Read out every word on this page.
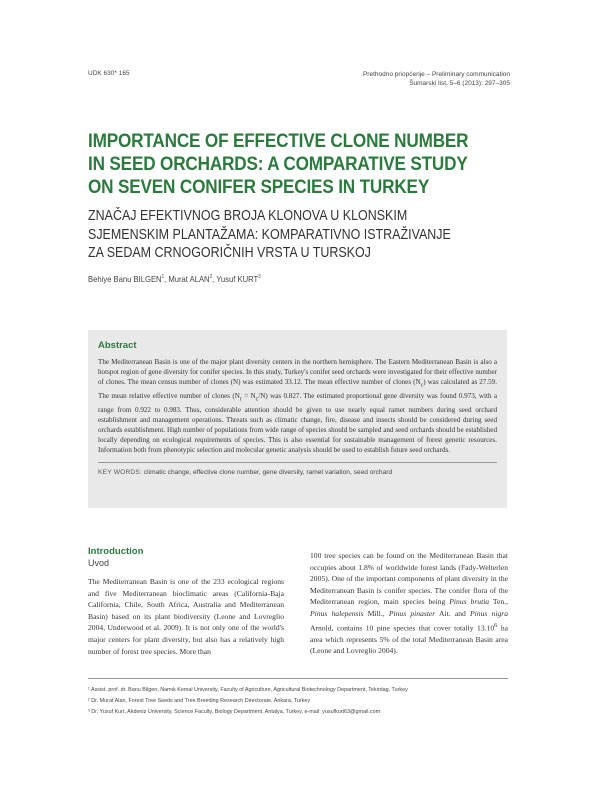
UDK 630* 165	Prethodno priopćenje – Preliminary communication
Šumarski list, 5–6 (2013): 297–305
IMPORTANCE OF EFFECTIVE CLONE NUMBER
IN SEED ORCHARDS: A COMPARATIVE STUDY
ON SEVEN CONIFER SPECIES IN TURKEY
ZNAČAJ EFEKTIVNOG BROJA KLONOVA U KLONSKIM
SJEMENSKIM PLANTAŽAMA: KOMPARATIVNO ISTRAŽIVANJE
ZA SEDAM CRNOGORIČNIH VRSTA U TURSKOJ
Behiye Banu BILGEN$^1$, Murat ALAN$^2$, Yusuf KURT$^3$
Abstract
The Mediterranean Basin is one of the major plant diversity centers in the northern hemisphere. The Eastern Mediterranean Basin is also a hotspot region of gene diversity for conifer species. In this study, Turkey's conifer seed orchards were investigated for their effective number of clones. The mean census number of clones (N) was estimated 33.12. The mean effective number of clones $(N_c)$ was calculated as 27.59. The mean relative effective number of clones $(N_r = N_c/N)$ was 0.827. The estimated proportional gene diversity was found 0.973, with a range from 0.922 to 0.983. Thus, considerable attention should be given to use nearly equal ramet numbers during seed orchard establishment and management operations. Threats such as climatic change, fire, disease and insects should be considered during seed orchards establishment. High number of populations from wide range of species should be sampled and seed orchards should be established locally depending on ecological requirements of species. This is also essential for sustainable management of forest genetic resources. Information both from phenotypic selection and molecular genetic analysis should be used to establish future seed orchards.
KEY WORDS: climatic change, effective clone number, gene diversity, ramet variation, seed orchard
Introduction
Uvod
The Mediterranean Basin is one of the 233 ecological regions and five Mediterranean bioclimatic areas (California-Baja California, Chile, South Africa, Australia and Mediterranean Basin) based on its plant biodiversity (Leone and Lovreglio 2004, Underwood et al. 2009). It is not only one of the world's major centers for plant diversity, but also has a relatively high number of forest tree species. More than
100 tree species can be found on the Mediterranean Basin that occupies about 1.8% of worldwide forest lands (Fady-Welterlen 2005). One of the important components of plant diversity in the Mediterranean Basin is conifer species. The conifer flora of the Mediterranean region, main species being Pinus brutia Ten., Pinus halepensis Mill., Pinus pinaster Ait. and Pinus nigra Arnold, contains 10 pine species that cover totally 13.10$^6$ ha area which represents 5% of the total Mediterranean Basin area (Leone and Lovreglio 2004).
¹ Assist. prof. dr. Banu Bilgen, Namık Kemal University, Faculty of Agriculture, Agricultural Biotechnology Department, Tekirdag, Turkey
² Dr. Murat Alan, Forest Tree Seeds and Tree Breeding Research Directorate, Ankara, Turkey
³ Dr. Yusuf Kurt, Akdeniz University, Science Faculty, Biology Department, Antalya, Turkey, e-mail: yusufkurt63@gmail.com
